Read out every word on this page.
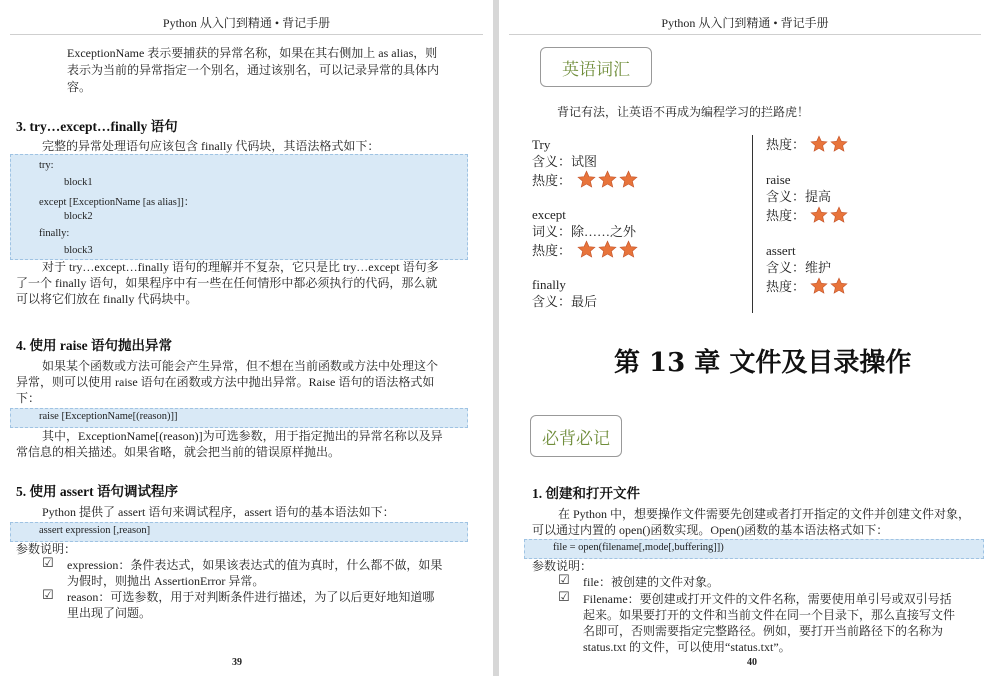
Python 从入门到精通 • 背记手册
ExceptionName 表示要捕获的异常名称，如果在其右侧加上 as alias，则
表示为当前的异常指定一个别名，通过该别名，可以记录异常的具体内
容。
3. try…except…finally 语句
完整的异常处理语句应该包含 finally 代码块，其语法格式如下：
try:
block1
except [ExceptionName [as alias]]：
block2
finally:
block3
对于 try…except…finally 语句的理解并不复杂，它只是比 try…except 语句多
了一个 finally 语句，如果程序中有一些在任何情形中都必须执行的代码，那么就
可以将它们放在 finally 代码块中。
4. 使用 raise 语句抛出异常
如果某个函数或方法可能会产生异常，但不想在当前函数或方法中处理这个
异常，则可以使用 raise 语句在函数或方法中抛出异常。Raise 语句的语法格式如
下：
raise [ExceptionName[(reason)]]
其中，ExceptionName[(reason)]为可选参数，用于指定抛出的异常名称以及异
常信息的相关描述。如果省略，就会把当前的错误原样抛出。
5. 使用 assert 语句调试程序
Python 提供了 assert 语句来调试程序，assert 语句的基本语法如下：
assert expression [,reason]
参数说明：
☑ expression：条件表达式，如果该表达式的值为真时，什么都不做，如果
为假时，则抛出 AssertionError 异常。
☑ reason：可选参数，用于对判断条件进行描述，为了以后更好地知道哪
里出现了问题。
39
Python 从入门到精通 • 背记手册
英语词汇
背记有法，让英语不再成为编程学习的拦路虎！
Try
含义：试图
热度：
except
词义：除……之外
热度：
finally
含义：最后
热度：
raise
含义：提高
热度：
assert
含义：维护
热度：
第 13 章 文件及目录操作
必背必记
1. 创建和打开文件
在 Python 中，想要操作文件需要先创建或者打开指定的文件并创建文件对象，
可以通过内置的 open()函数实现。Open()函数的基本语法格式如下：
file = open(filename[,mode[,buffering]])
参数说明：
☑ file：被创建的文件对象。
☑ Filename：要创建或打开文件的文件名称，需要使用单引号或双引号括
起来。如果要打开的文件和当前文件在同一个目录下，那么直接写文件
名即可，否则需要指定完整路径。例如，要打开当前路径下的名称为
status.txt 的文件，可以使用“status.txt”。
40
